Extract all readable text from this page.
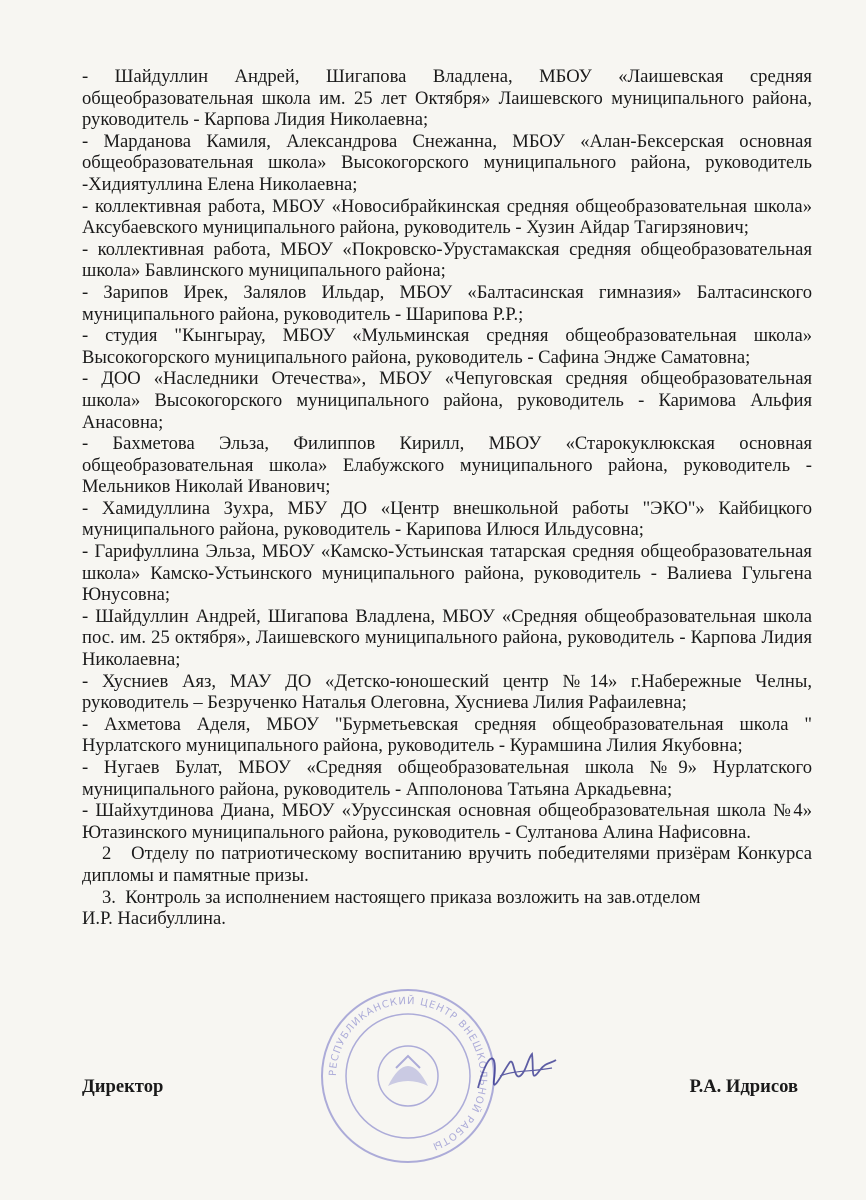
- Шайдуллин Андрей, Шигапова Владлена, МБОУ «Лаишевская средняя общеобразовательная школа им. 25 лет Октября» Лаишевского муниципального района, руководитель - Карпова Лидия Николаевна;

- Марданова Камиля, Александрова Снежанна, МБОУ «Алан-Бексерская основная общеобразовательная школа» Высокогорского муниципального района, руководитель -Хидиятуллина Елена Николаевна;

- коллективная работа, МБОУ «Новосибрайкинская средняя общеобразовательная школа» Аксубаевского муниципального района, руководитель - Хузин Айдар Тагирзянович;

- коллективная работа, МБОУ «Покровско-Урустамакская средняя общеобразовательная школа» Бавлинского муниципального района;

- Зарипов Ирек, Залялов Ильдар, МБОУ «Балтасинская гимназия» Балтасинского муниципального района, руководитель - Шарипова Р.Р.;

- студия "Кынгырау, МБОУ «Мульминская средняя общеобразовательная школа» Высокогорского муниципального района, руководитель - Сафина Эндже Саматовна;

- ДОО «Наследники Отечества», МБОУ «Чепуговская средняя общеобразовательная школа» Высокогорского муниципального района, руководитель - Каримова Альфия Анасовна;

- Бахметова Эльза, Филиппов Кирилл, МБОУ «Старокуклюкская основная общеобразовательная школа» Елабужского муниципального района, руководитель - Мельников Николай Иванович;

- Хамидуллина Зухра, МБУ ДО «Центр внешкольной работы "ЭКО"» Кайбицкого муниципального района, руководитель - Карипова Илюся Ильдусовна;

- Гарифуллина Эльза, МБОУ «Камско-Устьинская татарская средняя общеобразовательная школа» Камско-Устьинского муниципального района, руководитель - Валиева Гульгена Юнусовна;

- Шайдуллин Андрей, Шигапова Владлена, МБОУ «Средняя общеобразовательная школа пос. им. 25 октября», Лаишевского муниципального района, руководитель - Карпова Лидия Николаевна;

- Хусниев Аяз, МАУ ДО «Детско-юношеский центр №14» г.Набережные Челны, руководитель – Безрученко Наталья Олеговна, Хусниева Лилия Рафаилевна;

- Ахметова Аделя, МБОУ "Бурметьевская средняя общеобразовательная школа " Нурлатского муниципального района, руководитель - Курамшина Лилия Якубовна;

- Нугаев Булат, МБОУ «Средняя общеобразовательная школа №9» Нурлатского муниципального района, руководитель - Апполонова Татьяна Аркадьевна;

- Шайхутдинова Диана, МБОУ «Уруссинская основная общеобразовательная школа №4» Ютазинского муниципального района, руководитель - Султанова Алина Нафисовна.

2 Отделу по патриотическому воспитанию вручить победителями призёрам Конкурса дипломы и памятные призы.

3. Контроль за исполнением настоящего приказа возложить на зав.отделом

И.Р. Насибуллина.

РЕСПУБЛИКАНСКИЙ ЦЕНТР ВНЕШКОЛЬНОЙ РАБОТЫ
Директор	Р.А. Идрисов
